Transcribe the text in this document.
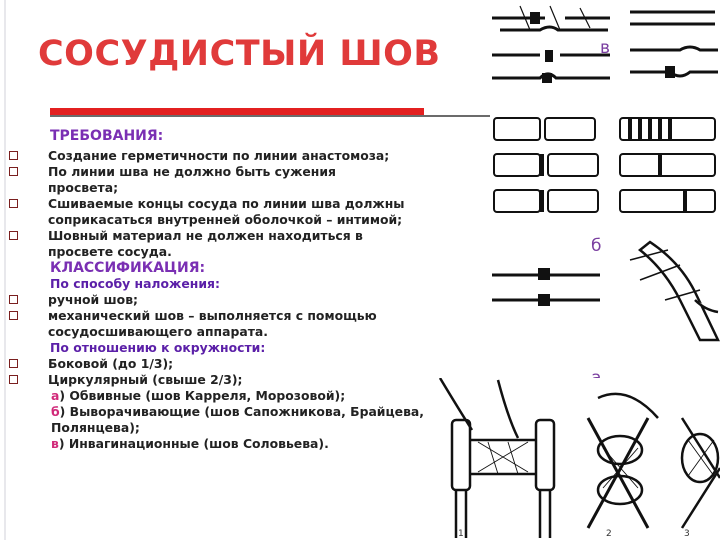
СОСУДИСТЫЙ ШОВ
ТРЕБОВАНИЯ:

Создание герметичности по линии анастомоза;

По линии шва не должно быть сужения просвета;

Сшиваемые концы сосуда по линии шва должны соприкасаться внутренней оболочкой – интимой;

Шовный материал не должен находиться в просвете сосуда.

КЛАССИФИКАЦИЯ:

По способу наложения:

ручной шов;

механический шов – выполняется с помощью сосудосшивающего аппарата.

По отношению к окружности:

Боковой (до 1/3);

Циркулярный (свыше 2/3);

а) Обвивные (шов Карреля, Морозовой);

б) Выворачивающие (шов Сапожникова, Брайцева, Полянцева);

в) Инвагинационные (шов Соловьева).

в
б
а
1	2	3
